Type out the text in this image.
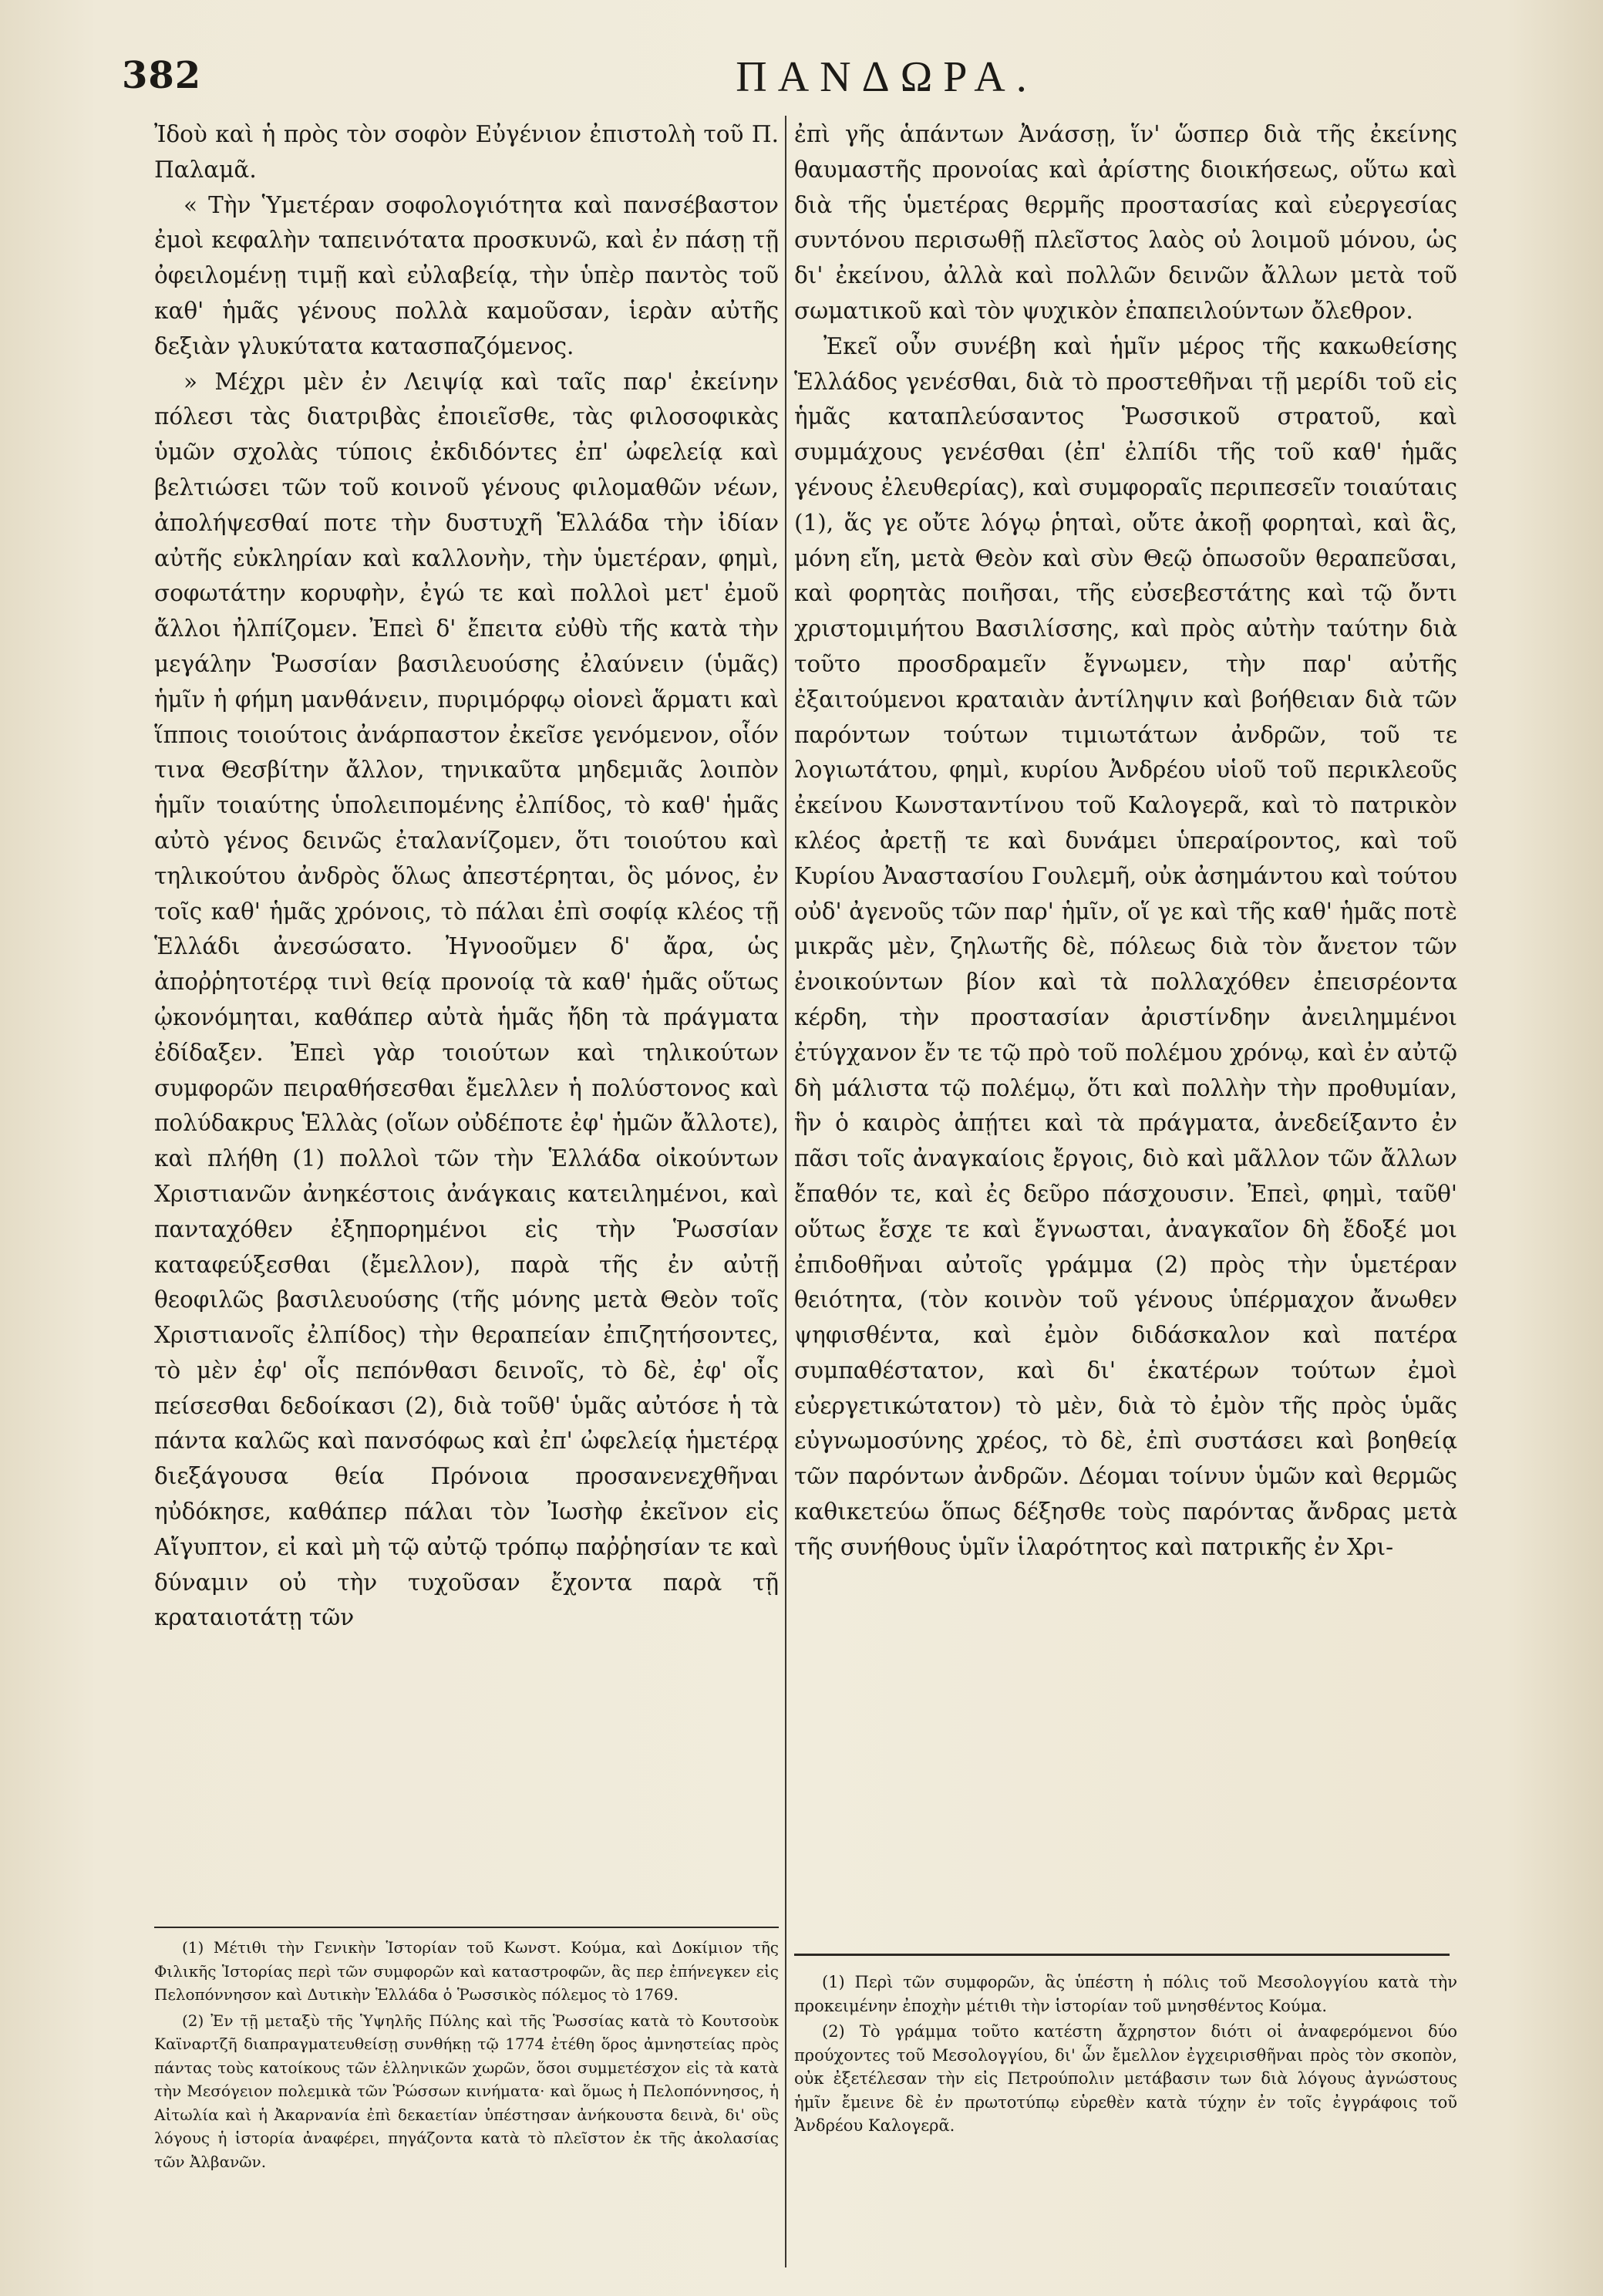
382	ΠΑΝΔΩΡΑ.

Ἰδοὺ καὶ ἡ πρὸς τὸν σοφὸν Εὐγένιον ἐπιστολὴ τοῦ Π. Παλαμᾶ.

« Τὴν Ὑμετέραν σοφολογιότητα καὶ πανσέβαστον ἐμοὶ κεφαλὴν ταπεινότατα προσκυνῶ, καὶ ἐν πάσῃ τῇ ὀφειλομένῃ τιμῇ καὶ εὐλαβείᾳ, τὴν ὑπὲρ παντὸς τοῦ καθ' ἡμᾶς γένους πολλὰ καμοῦσαν, ἱερὰν αὐτῆς δεξιὰν γλυκύτατα κατασπαζόμενος.

» Μέχρι μὲν ἐν Λειψίᾳ καὶ ταῖς παρ' ἐκείνην πόλεσι τὰς διατριβὰς ἐποιεῖσθε, τὰς φιλοσοφικὰς ὑμῶν σχολὰς τύποις ἐκδιδόντες ἐπ' ὠφελείᾳ καὶ βελτιώσει τῶν τοῦ κοινοῦ γένους φιλομαθῶν νέων, ἀπολήψεσθαί ποτε τὴν δυστυχῆ Ἑλλάδα τὴν ἰδίαν αὐτῆς εὐκληρίαν καὶ καλλονὴν, τὴν ὑμετέραν, φημὶ, σοφωτάτην κορυφὴν, ἐγώ τε καὶ πολλοὶ μετ' ἐμοῦ ἄλλοι ἠλπίζομεν. Ἐπεὶ δ' ἔπειτα εὐθὺ τῆς κατὰ τὴν μεγάλην Ῥωσσίαν βασιλευούσης ἐλαύνειν (ὑμᾶς) ἡμῖν ἡ φήμη μανθάνειν, πυριμόρφῳ οἱονεὶ ἅρματι καὶ ἵπποις τοιούτοις ἀνάρπαστον ἐκεῖσε γενόμενον, οἷόν τινα Θεσβίτην ἄλλον, τηνικαῦτα μηδεμιᾶς λοιπὸν ἡμῖν τοιαύτης ὑπολειπομένης ἐλπίδος, τὸ καθ' ἡμᾶς αὐτὸ γένος δεινῶς ἐταλανίζομεν, ὅτι τοιούτου καὶ τηλικούτου ἀνδρὸς ὅλως ἀπεστέρηται, ὃς μόνος, ἐν τοῖς καθ' ἡμᾶς χρόνοις, τὸ πάλαι ἐπὶ σοφίᾳ κλέος τῇ Ἑλλάδι ἀνεσώσατο. Ἠγνοοῦμεν δ' ἄρα, ὡς ἀποῤῥητοτέρᾳ τινὶ θείᾳ προνοίᾳ τὰ καθ' ἡμᾶς οὕτως ᾠκονόμηται, καθάπερ αὐτὰ ἡμᾶς ἤδη τὰ πράγματα ἐδίδαξεν. Ἐπεὶ γὰρ τοιούτων καὶ τηλικούτων συμφορῶν πειραθήσεσθαι ἔμελλεν ἡ πολύστονος καὶ πολύδακρυς Ἑλλὰς (οἵων οὐδέποτε ἐφ' ἡμῶν ἄλλοτε), καὶ πλήθη (1) πολλοὶ τῶν τὴν Ἑλλάδα οἰκούντων Χριστιανῶν ἀνηκέστοις ἀνάγκαις κατειλημένοι, καὶ πανταχόθεν ἐξηπορημένοι εἰς τὴν Ῥωσσίαν καταφεύξεσθαι (ἔμελλον), παρὰ τῆς ἐν αὐτῇ θεοφιλῶς βασιλευούσης (τῆς μόνης μετὰ Θεὸν τοῖς Χριστιανοῖς ἐλπίδος) τὴν θεραπείαν ἐπιζητήσοντες, τὸ μὲν ἐφ' οἷς πεπόνθασι δεινοῖς, τὸ δὲ, ἐφ' οἷς πείσεσθαι δεδοίκασι (2), διὰ τοῦθ' ὑμᾶς αὐτόσε ἡ τὰ πάντα καλῶς καὶ πανσόφως καὶ ἐπ' ὠφελείᾳ ἡμετέρᾳ διεξάγουσα θεία Πρόνοια προσανενεχθῆναι ηὐδόκησε, καθάπερ πάλαι τὸν Ἰωσὴφ ἐκεῖνον εἰς Αἴγυπτον, εἰ καὶ μὴ τῷ αὐτῷ τρόπῳ παῤῥησίαν τε καὶ δύναμιν οὐ τὴν τυχοῦσαν ἔχοντα παρὰ τῇ κραταιοτάτῃ τῶν

ἐπὶ γῆς ἁπάντων Ἀνάσσῃ, ἵν' ὥσπερ διὰ τῆς ἐκείνης θαυμαστῆς προνοίας καὶ ἀρίστης διοικήσεως, οὕτω καὶ διὰ τῆς ὑμετέρας θερμῆς προστασίας καὶ εὐεργεσίας συντόνου περισωθῇ πλεῖστος λαὸς οὐ λοιμοῦ μόνου, ὡς δι' ἐκείνου, ἀλλὰ καὶ πολλῶν δεινῶν ἄλλων μετὰ τοῦ σωματικοῦ καὶ τὸν ψυχικὸν ἐπαπειλούντων ὄλεθρον.

Ἐκεῖ οὖν συνέβη καὶ ἡμῖν μέρος τῆς κακωθείσης Ἑλλάδος γενέσθαι, διὰ τὸ προστεθῆναι τῇ μερίδι τοῦ εἰς ἡμᾶς καταπλεύσαντος Ῥωσσικοῦ στρατοῦ, καὶ συμμάχους γενέσθαι (ἐπ' ἐλπίδι τῆς τοῦ καθ' ἡμᾶς γένους ἐλευθερίας), καὶ συμφοραῖς περιπεσεῖν τοιαύταις (1), ἅς γε οὔτε λόγῳ ῥηταὶ, οὔτε ἀκοῇ φορηταὶ, καὶ ἃς, μόνη εἴη, μετὰ Θεὸν καὶ σὺν Θεῷ ὁπωσοῦν θεραπεῦσαι, καὶ φορητὰς ποιῆσαι, τῆς εὐσεβεστάτης καὶ τῷ ὄντι χριστομιμήτου Βασιλίσσης, καὶ πρὸς αὐτὴν ταύτην διὰ τοῦτο προσδραμεῖν ἔγνωμεν, τὴν παρ' αὐτῆς ἐξαιτούμενοι κραταιὰν ἀντίληψιν καὶ βοήθειαν διὰ τῶν παρόντων τούτων τιμιωτάτων ἀνδρῶν, τοῦ τε λογιωτάτου, φημὶ, κυρίου Ἀνδρέου υἱοῦ τοῦ περικλεοῦς ἐκείνου Κωνσταντίνου τοῦ Καλογερᾶ, καὶ τὸ πατρικὸν κλέος ἀρετῇ τε καὶ δυνάμει ὑπεραίροντος, καὶ τοῦ Κυρίου Ἀναστασίου Γουλεμῆ, οὐκ ἀσημάντου καὶ τούτου οὐδ' ἀγενοῦς τῶν παρ' ἡμῖν, οἵ γε καὶ τῆς καθ' ἡμᾶς ποτὲ μικρᾶς μὲν, ζηλωτῆς δὲ, πόλεως διὰ τὸν ἄνετον τῶν ἐνοικούντων βίον καὶ τὰ πολλαχόθεν ἐπεισρέοντα κέρδη, τὴν προστασίαν ἀριστίνδην ἀνειλημμένοι ἐτύγχανον ἔν τε τῷ πρὸ τοῦ πολέμου χρόνῳ, καὶ ἐν αὐτῷ δὴ μάλιστα τῷ πολέμῳ, ὅτι καὶ πολλὴν τὴν προθυμίαν, ἣν ὁ καιρὸς ἀπῄτει καὶ τὰ πράγματα, ἀνεδείξαντο ἐν πᾶσι τοῖς ἀναγκαίοις ἔργοις, διὸ καὶ μᾶλλον τῶν ἄλλων ἔπαθόν τε, καὶ ἐς δεῦρο πάσχουσιν. Ἐπεὶ, φημὶ, ταῦθ' οὕτως ἔσχε τε καὶ ἔγνωσται, ἀναγκαῖον δὴ ἔδοξέ μοι ἐπιδοθῆναι αὐτοῖς γράμμα (2) πρὸς τὴν ὑμετέραν θειότητα, (τὸν κοινὸν τοῦ γένους ὑπέρμαχον ἄνωθεν ψηφισθέντα, καὶ ἐμὸν διδάσκαλον καὶ πατέρα συμπαθέστατον, καὶ δι' ἑκατέρων τούτων ἐμοὶ εὐεργετικώτατον) τὸ μὲν, διὰ τὸ ἐμὸν τῆς πρὸς ὑμᾶς εὐγνωμοσύνης χρέος, τὸ δὲ, ἐπὶ συστάσει καὶ βοηθείᾳ τῶν παρόντων ἀνδρῶν. Δέομαι τοίνυν ὑμῶν καὶ θερμῶς καθικετεύω ὅπως δέξησθε τοὺς παρόντας ἄνδρας μετὰ τῆς συνήθους ὑμῖν ἱλαρότητος καὶ πατρικῆς ἐν Χρι-

(1) Μέτιθι τὴν Γενικὴν Ἱστορίαν τοῦ Κωνστ. Κούμα, καὶ Δοκίμιον τῆς Φιλικῆς Ἱστορίας περὶ τῶν συμφορῶν καὶ καταστροφῶν, ἃς περ ἐπήνεγκεν εἰς Πελοπόννησον καὶ Δυτικὴν Ἑλλάδα ὁ Ῥωσσικὸς πόλεμος τὸ 1769.

(2) Ἐν τῇ μεταξὺ τῆς Ὑψηλῆς Πύλης καὶ τῆς Ῥωσσίας κατὰ τὸ Κουτσοὺκ Καϊναρτζῆ διαπραγματευθείσῃ συνθήκῃ τῷ 1774 ἐτέθη ὅρος ἀμνηστείας πρὸς πάντας τοὺς κατοίκους τῶν ἑλληνικῶν χωρῶν, ὅσοι συμμετέσχον εἰς τὰ κατὰ τὴν Μεσόγειον πολεμικὰ τῶν Ῥώσσων κινήματα· καὶ ὅμως ἡ Πελοπόννησος, ἡ Αἰτωλία καὶ ἡ Ἀκαρνανία ἐπὶ δεκαετίαν ὑπέστησαν ἀνήκουστα δεινὰ, δι' οὓς λόγους ἡ ἱστορία ἀναφέρει, πηγάζοντα κατὰ τὸ πλεῖστον ἐκ τῆς ἀκολασίας τῶν Ἀλβανῶν.

(1) Περὶ τῶν συμφορῶν, ἃς ὑπέστη ἡ πόλις τοῦ Μεσολογγίου κατὰ τὴν προκειμένην ἐποχὴν μέτιθι τὴν ἱστορίαν τοῦ μνησθέντος Κούμα.

(2) Τὸ γράμμα τοῦτο κατέστη ἄχρηστον διότι οἱ ἀναφερόμενοι δύο προύχοντες τοῦ Μεσολογγίου, δι' ὧν ἔμελλον ἐγχειρισθῆναι πρὸς τὸν σκοπὸν, οὐκ ἐξετέλεσαν τὴν εἰς Πετρούπολιν μετάβασιν των διὰ λόγους ἀγνώστους ἡμῖν ἔμεινε δὲ ἐν πρωτοτύπῳ εὑρεθὲν κατὰ τύχην ἐν τοῖς ἐγγράφοις τοῦ Ἀνδρέου Καλογερᾶ.
